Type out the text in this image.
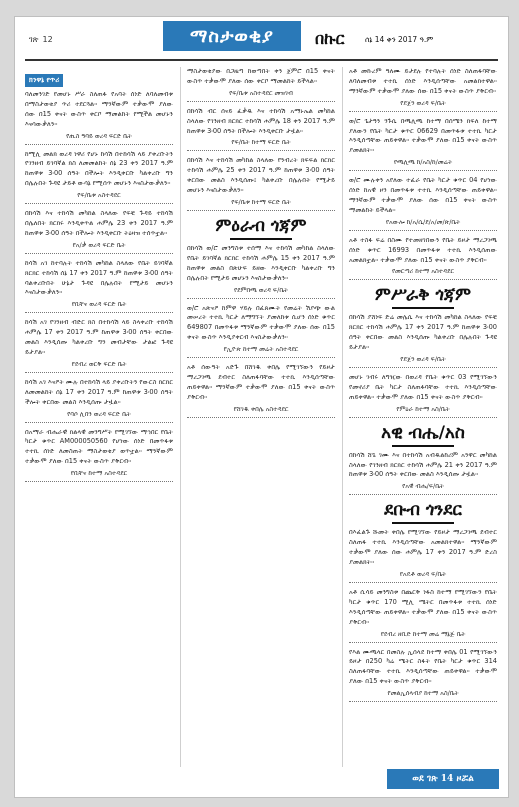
ገጽ 12	ማስታወቂያ	በኩር	ሰኔ 14 ቀን 2017 ዓ.ም
ክንዋኔ የጥሪ

ባለመንገድ የመሆኑ ሥራ ስለጠፋ የአባት ሰነድ ለባለመብቱ በማስታወቂያ ጥሪ ተደርጓል፡፡ ማንኛውም ተቃውሞ ያለው ሰው በ15 ቀናት ውስጥ ቀርቦ ማመልከት የሚችል መሆኑን እናሳውቃለን፡፡

የጢስ ዓባይ ወረዳ ፍርድ ቤት

ከሚሊ መልክ ወረዳ ነዋሪ የሆኑ ከሳሽ በተከሳሽ ላይ ያቀረቡትን የገንዘብ ይገባኛል ክስ ለመመልከት ሰኔ 23 ቀን 2017 ዓ.ም ከጠዋቱ 3፡00 ሰዓት በችሎት እንዲቀርቡ ካልቀረቡ ግን በሌሉበት ጉዳዩ ታይቶ ውሳኔ የሚሰጥ መሆኑን እናስታውቃለን፡፡

የፍ/ቤቱ አስተዳደር

በከሳሽ እና ተከሳሽ መካከል ስላለው የፍቺ ጉዳይ ተከሳሽ በሌለበት ክርክሩ እንዲቀጥል ሐምሌ 23 ቀን 2017 ዓ.ም ከጠዋቱ 3፡00 ሰዓት በችሎት እንዲቀርቡ ትዕዛዝ ተሰጥቷል፡፡

የአ/ቃ ወረዳ ፍርድ ቤት

ከሳሽ አገ ከተባሉት ተከሳሽ መካከል ስላለው የቤት ይገባኛል ክርክር ተከሳሽ ሰኔ 17 ቀን 2017 ዓ.ም ከጠዋቱ 3፡00 ሰዓት ባልቀረቡበት ሁኔታ ጉዳዩ በሌሉበት የሚታይ መሆኑን እናስታውቃለን፡፡

የቢቸና ወረዳ ፍርድ ቤት

ከሳሽ አገ የገንዘብ ብድር ክስ በተከሳሽ ላይ ስላቀረቡ ተከሳሽ ሐምሌ 17 ቀን 2017 ዓ.ም ከጠዋቱ 3፡00 ሰዓት ቀርበው መልስ እንዲሰጡ ካልቀረቡ ግን መብታቸው ታልፎ ጉዳዩ ይታያል፡፡

የደብረ ወርቅ ፍርድ ቤት

ከሳሽ አገ እናዖት ሙሉ በተከሳሽ ላይ ያቀረቡትን የውርስ ክርክር ለመመልከት ሰኔ 17 ቀን 2017 ዓ.ም ከጠዋቱ 3፡00 ሰዓት ችሎት ቀርበው መልስ እንዲሰጡ ታዟል፡፡

የባሶ ሊበን ወረዳ ፍርድ ቤት

በአማራ ብሔራዊ ክልላዊ መንግሥት የሚገኘው ማኅበር የቤት ካርታ ቁጥር AM000050560 የሆነው ሰነድ በመጥፋቱ ተተኪ ሰነድ ለመስጠት ማስታወቂያ ወጥቷል፡፡ ማንኛውም ተቃውሞ ያለው በ15 ቀናት ውስጥ ያቅርብ፡፡

የቢቸና ከተማ አስተዳደር

ማስታወቂያው በጋዜጣ ከወጣበት ቀን ጀምሮ በ15 ቀናት ውስጥ ተቃውሞ ያለው ሰው ቀርቦ ማመልከት ይችላል፡፡

የፍ/ቤቱ አስተዳደር መዝገብ

በከሳሽ ብር ሰናይ ፈቃዱ እና ተከሳሽ አማኑኤል መካከል ስላለው የገንዘብ ክርክር ተከሳሽ ሐምሌ 18 ቀን 2017 ዓ.ም ከጠዋቱ 3፡00 ሰዓት በችሎት እንዲቀርቡ ታዟል፡፡

የፍ/ቤት ከተማ ፍርድ ቤት

በከሳሽ እና ተከሳሽ መካከል ስላለው የንብረት ክፍፍል ክርክር ተከሳሽ ሐምሌ 25 ቀን 2017 ዓ.ም ከጠዋቱ 3፡00 ሰዓት ቀርበው መልስ እንዲሰጡ፤ ካልቀረቡ በሌሉበት የሚታይ መሆኑን እናስታውቃለን፡፡

የፍ/ቤቱ ከተማ ፍርድ ቤት
ምዕራብ ጎጃም

በከሳሽ ወ/ሮ መንግስቱ ተሰማ እና ተከሳሽ መካከል ስላለው የቤት ይገባኛል ክርክር ተከሳሽ ሐምሌ 15 ቀን 2017 ዓ.ም ከጠዋቱ መልስ በጽሁፍ ይዘው እንዲቀርቡ ካልቀረቡ ግን በሌሉበት የሚታይ መሆኑን እናስታውቃለን፡፡

የደምበጫ ወረዳ ፍ/ቤት

ወ/ሮ አጽናዖ ከምዋ ሃይሉ በፈጸሙት የመሬት ሽያጭ ውል መሠረት ተተኪ ካርታ ለማግኘት ያመለከቱ ሲሆን ሰነድ ቁጥር 649807 በመጥፋቱ ማንኛውም ተቃውሞ ያለው ሰው በ15 ቀናት ውስጥ እንዲያቀርብ እናስታውቃለን፡፡

የኢዮጵ ከተማ መሬት አስተዳደር

አቶ ሰውዓት አድጉ በሸገዱ ቀበሌ የሚገኘውን የይዞታ ማረጋገጫ ደብተር ስለጠፋባቸው ተተኪ እንዲሰጣቸው ጠይቀዋል፡፡ ማንኛውም ተቃውሞ ያለው በ15 ቀናት ውስጥ ያቅርብ፡፡

የሸገዱ ቀበሌ አስተዳደር

አቶ መኩረም ዓለሙ ይታደሉ የተባሉት ሰነድ ስለጠፋባቸው ለባለመብቱ ተተኪ ሰነድ እንዲሰጣቸው አመልክተዋል፡፡ ማንኛውም ተቃውሞ ያለው ሰው በ15 ቀናት ውስጥ ያቅርብ፡፡

የደጀን ወረዳ ፍ/ቤት

ወ/ሮ ጌታዓን ንጉሴ በጫሊጫ ከተማ በሰሜን ክፍለ ከተማ ያለውን የቤት ካርታ ቁጥር 06629 በመጥፋቱ ተተኪ ካርታ እንዲሰጣቸው ጠይቀዋል፡፡ ተቃውሞ ያለው በ15 ቀናት ውስጥ ያመልክት፡፡

የጫሊጫ ከ/አስ/ከ/መሬት

ወ/ሮ ሙሉቀን አየለው ተፈራ የቤት ካርታ ቁጥር 04 የሆነው ሰነድ ከአዊ ዞን በመጥፋቱ ተተኪ እንዲሰጣቸው ጠይቀዋል፡፡ ማንኛውም ተቃውሞ ያለው ሰው በ15 ቀናት ውስጥ ማመልከት ይችላል፡፡

የአውሎ ከ/አ/ሴ/ደ/አ/መ/ጽ/ቤት

አቶ ተስፋ ፍሬ በስሙ የተመዘገበውን የቤት ይዞታ ማረጋገጫ ሰነድ ቁጥር 16993 በመጥፋቱ ተተኪ እንዲሰጠው አመልክቷል፡፡ ተቃውሞ ያለው በ15 ቀናት ውስጥ ያቅርብ፡፡

የመርጣሪ ከተማ አስተዳደር
ምሥራቅ ጎጃም

በከሳሽ ያሸነፍ ድሬ መሌሴ እና ተከሳሽ መካከል ስላለው የፍቺ ክርክር ተከሳሽ ሐምሌ 17 ቀን 2017 ዓ.ም ከጠዋቱ 3፡00 ሰዓት ቀርበው መልስ እንዲሰጡ ካልቀረቡ በሌሉበት ጉዳዩ ይታያል፡፡

የደጀን ወረዳ ፍ/ቤት

መሆኑ ገብሩ ለግዢው በወረዳ የቤት ቁጥር 03 የሚገኘውን የመኖሪያ ቤት ካርታ ስለጠፋባቸው ተተኪ እንዲሰጣቸው ጠይቀዋል፡፡ ተቃውሞ ያለው በ15 ቀናት ውስጥ ያቅርብ፡፡

የምዕራ ከተማ አስ/ቤት
አዊ ብሔ/አስ

በከሳሽ ሸጌ ገሙ እና በተከሳሽ አብዱልከሪም አንዋር መካከል ስላለው የገንዘብ ክርክር ተከሳሽ ሐምሌ 21 ቀን 2017 ዓ.ም ከጠዋቱ 3፡00 ሰዓት ቀርበው መልስ እንዲሰጡ ታዟል፡፡

የአዊ ብሔ/ፍ/ቤት
ደቡብ ጎንደር

በእፈልጉ ሹመት ቀበሌ የሚገኘው የይዞታ ማረጋገጫ ደብተር ስለጠፋ ተተኪ እንዲሰጣቸው አመልክተዋል፡፡ ማንኛውም ተቃውሞ ያለው ሰው ሐምሌ 17 ቀን 2017 ዓ.ም ድረስ ያመልክት፡፡

የአዴቶ ወረዳ ፍ/ቤት

አቶ ሲሳይ መንግስቱ በጨርቅ ነፋስ ከተማ የሚገኘውን የቤት ካርታ ቁጥር 170 ሚሊ ሜትር በመጥፋቱ ተተኪ ሰነድ እንዲሰጣቸው ጠይቀዋል፡፡ ተቃውሞ ያለው በ15 ቀናት ውስጥ ያቅርብ፡፡

የደብረ ዘቢድ ከተማ መሬ ማኔጅ ቤት

የእል ሙጫላር በመስሉ ኢሰላደ ከተማ ቀበሌ 01 የሚገኘውን ይዞታ በ250 ካሬ ሜትር ስፋት የቤት ካርታ ቁጥር 314 ስለጠፋባቸው ተተኪ እንዲሰጣቸው ጠይቀዋል፡፡ ተቃውሞ ያለው በ15 ቀናት ውስጥ ያቅርብ፡፡

የመልኢሰላብያ ከተማ አስ/ቤት
ወደ ገጽ 14 ዞሯል
